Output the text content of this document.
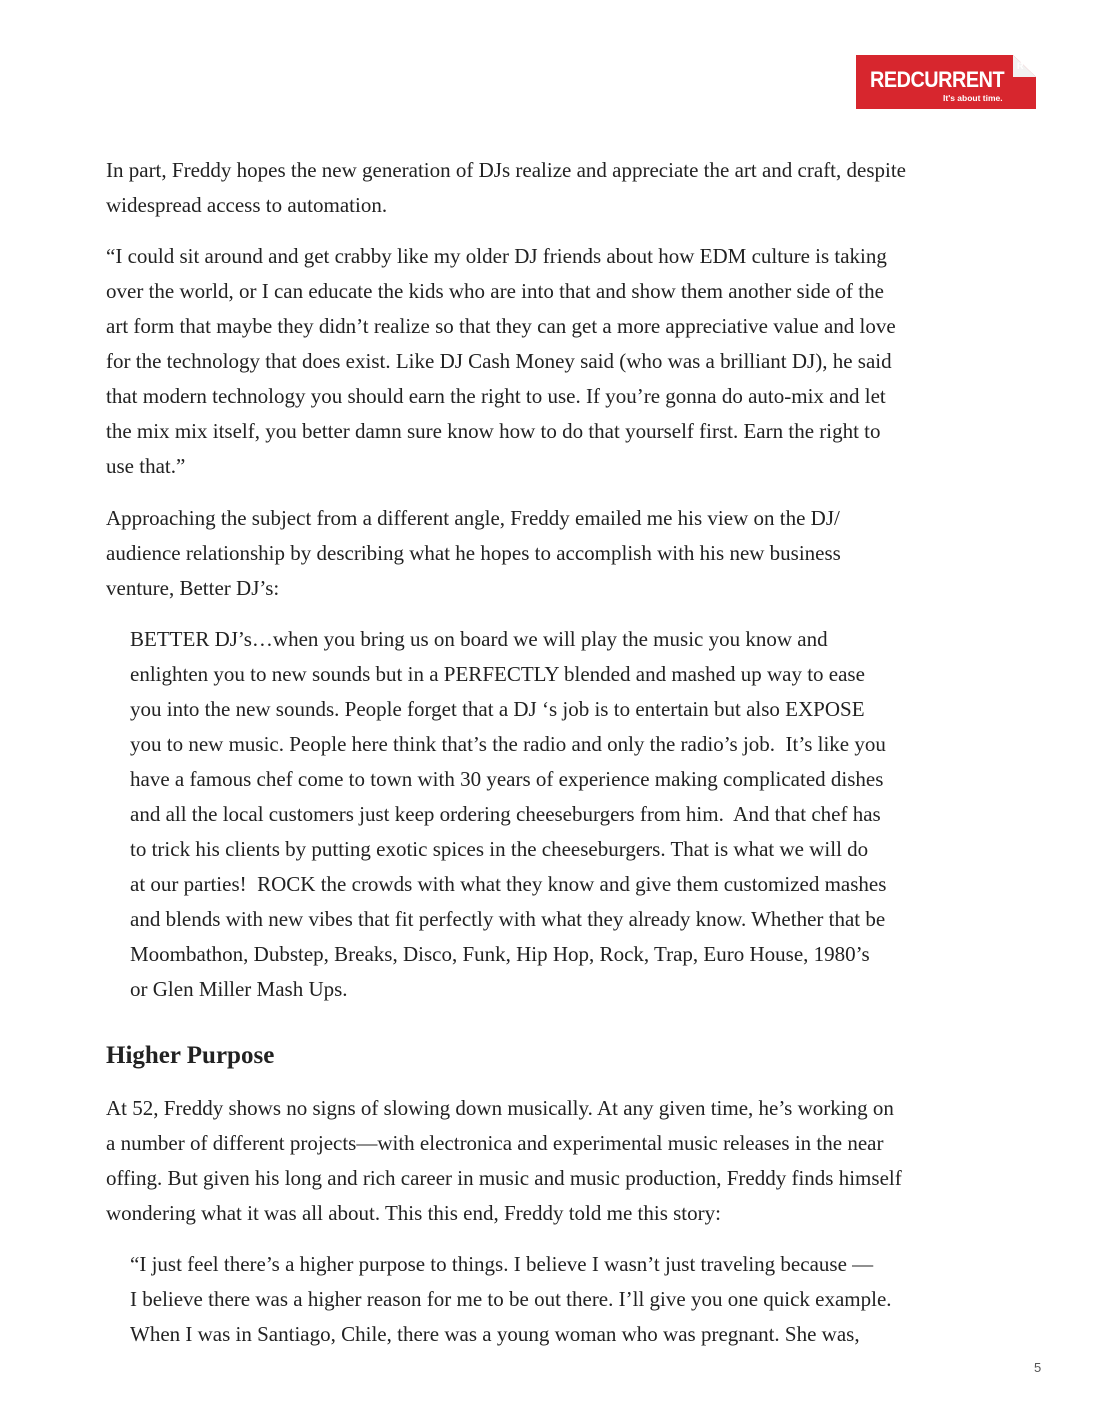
REDCURRENT
R
It's about time.
In part, Freddy hopes the new generation of DJs realize and appreciate the art and craft, despite
widespread access to automation.
“I could sit around and get crabby like my older DJ friends about how EDM culture is taking
over the world, or I can educate the kids who are into that and show them another side of the
art form that maybe they didn’t realize so that they can get a more appreciative value and love
for the technology that does exist. Like DJ Cash Money said (who was a brilliant DJ), he said
that modern technology you should earn the right to use. If you’re gonna do auto-mix and let
the mix mix itself, you better damn sure know how to do that yourself first. Earn the right to
use that.”
Approaching the subject from a different angle, Freddy emailed me his view on the DJ/
audience relationship by describing what he hopes to accomplish with his new business
venture, Better DJ’s:
BETTER DJ’s…when you bring us on board we will play the music you know and
enlighten you to new sounds but in a PERFECTLY blended and mashed up way to ease
you into the new sounds. People forget that a DJ ‘s job is to entertain but also EXPOSE
you to new music. People here think that’s the radio and only the radio’s job.  It’s like you
have a famous chef come to town with 30 years of experience making complicated dishes
and all the local customers just keep ordering cheeseburgers from him.  And that chef has
to trick his clients by putting exotic spices in the cheeseburgers. That is what we will do
at our parties!  ROCK the crowds with what they know and give them customized mashes
and blends with new vibes that fit perfectly with what they already know. Whether that be
Moombathon, Dubstep, Breaks, Disco, Funk, Hip Hop, Rock, Trap, Euro House, 1980’s
or Glen Miller Mash Ups.
Higher Purpose
At 52, Freddy shows no signs of slowing down musically. At any given time, he’s working on
a number of different projects—with electronica and experimental music releases in the near
offing. But given his long and rich career in music and music production, Freddy finds himself
wondering what it was all about. This this end, Freddy told me this story:
“I just feel there’s a higher purpose to things. I believe I wasn’t just traveling because —
I believe there was a higher reason for me to be out there. I’ll give you one quick example.
When I was in Santiago, Chile, there was a young woman who was pregnant. She was,
5
